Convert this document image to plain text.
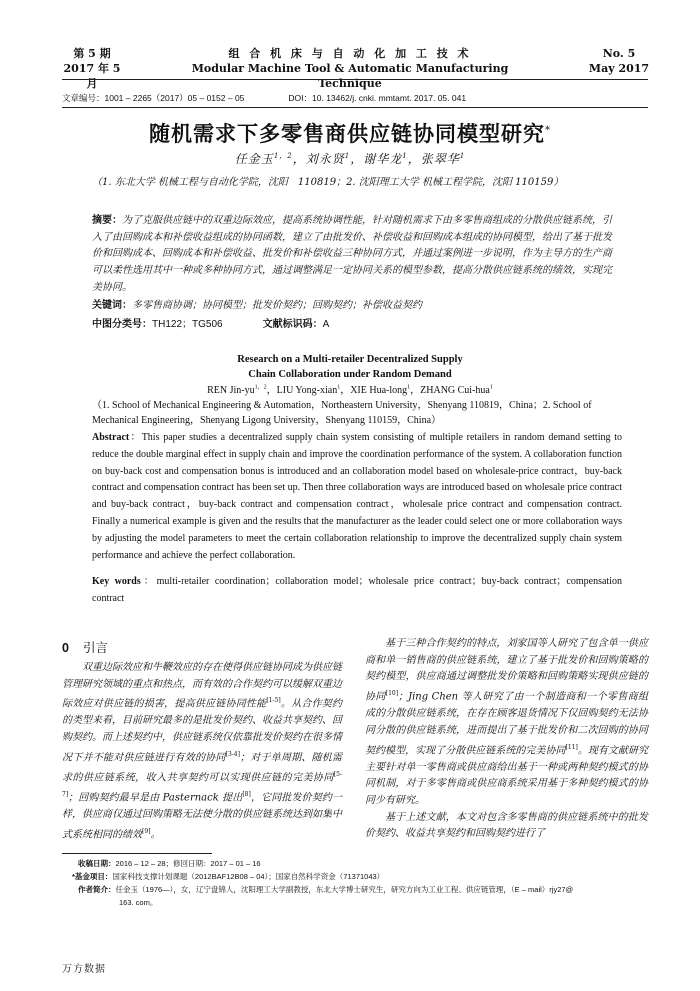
第 5 期
2017 年 5 月
组 合 机 床 与 自 动 化 加 工 技 术
Modular Machine Tool & Automatic Manufacturing Technique
No. 5
May 2017
文章编号：1001 – 2265（2017）05 – 0152 – 05	DOI：10. 13462/j. cnki. mmtamt. 2017. 05. 041
随机需求下多零售商供应链协同模型研究*
任金玉$^{1,2}$，刘永贤$^1$，谢华龙$^1$，张翠华$^1$
（1. 东北大学 机械工程与自动化学院，沈阳　110819；2. 沈阳理工大学 机械工程学院，沈阳 110159）
摘要：为了克服供应链中的双重边际效应，提高系统协调性能，针对随机需求下由多零售商组成的分散供应链系统，引入了由回购成本和补偿收益组成的协同函数，建立了由批发价、补偿收益和回购成本组成的协同模型，给出了基于批发价和回购成本、回购成本和补偿收益、批发价和补偿收益三种协同方式，并通过案例进一步说明，作为主导方的生产商可以柔性选用其中一种或多种协同方式，通过调整满足一定协同关系的模型参数，提高分散供应链系统的绩效，实现完美协同。
关键词：多零售商协调；协同模型；批发价契约；回购契约；补偿收益契约
中图分类号：TH122；TG506	文献标识码：A
Research on a Multi-retailer Decentralized Supply
Chain Collaboration under Random Demand
REN Jin-$yu^{1,2}$，LIU Yong-xian$^1$，XIE Hua-long$^1$，ZHANG Cui-hua$^1$
（1. School of Mechanical Engineering & Automation，Northeastern University，Shenyang 110819，China；2. School of Mechanical Engineering，Shenyang Ligong University，Shenyang 110159，China）
Abstract：This paper studies a decentralized supply chain system consisting of multiple retailers in random demand setting to reduce the double marginal effect in supply chain and improve the coordination performance of the system. A collaboration function on buy-back cost and compensation bonus is introduced and an collaboration model based on wholesale-price contract，buy-back contract and compensation contract has been set up. Then three collaboration ways are introduced based on wholesale price contract and buy-back contract，buy-back contract and compensation contract，wholesale price contract and compensation contract. Finally a numerical example is given and the results that the manufacturer as the leader could select one or more collaboration ways by adjusting the model parameters to meet the certain collaboration relationship to improve the decentralized supply chain system performance and achieve the perfect collaboration.
Key words：multi-retailer coordination；collaboration model；wholesale price contract；buy-back contract；compensation contract
0 引言

双重边际效应和牛鞭效应的存在使得供应链协同成为供应链管理研究领域的重点和热点，而有效的合作契约可以缓解双重边际效应对供应链的损害，提高供应链协同性能[1-5]。从合作契约的类型来看，目前研究最多的是批发价契约、收益共享契约、回购契约。而上述契约中，供应链系统仅依靠批发价契约在很多情况下并不能对供应链进行有效的协同[3-4]；对于单周期、随机需求的供应链系统，收入共享契约可以实现供应链的完美协同[5-7]；回购契约最早是由 Pasternack 提出[8]，它同批发价契约一样，供应商仅通过回购策略无法使分散的供应链系统达到如集中式系统相同的绩效[9]。

基于三种合作契约的特点，刘家国等人研究了包含单一供应商和单一销售商的供应链系统，建立了基于批发价和回购策略的契约模型，供应商通过调整批发价策略和回购策略实现供应链的协同[10]；Jing Chen 等人研究了由一个制造商和一个零售商组成的分散供应链系统，在存在顾客退货情况下仅回购契约无法协同分散的供应链系统，进而提出了基于批发价和二次回购的协同契约模型，实现了分散供应链系统的完美协同[11]。现有文献研究主要针对单一零售商或供应商给出基于一种或两种契约模式的协同机制，对于多零售商或供应商系统采用基于多种契约模式的协同少有研究。

基于上述文献，本文对包含多零售商的供应链系统中的批发价契约、收益共享契约和回购契约进行了

收稿日期：2016 – 12 – 28；修回日期：2017 – 01 – 16
*基金项目：国家科技支撑计划课题（2012BAF12B08 – 04）；国家自然科学资金（71371043）
作者简介：任金玉（1976—），女，辽宁盘锦人，沈阳理工大学副教授，东北大学博士研究生，研究方向为工业工程、供应链管理，（E – mail）rjy27@
163. com。
万方数据
